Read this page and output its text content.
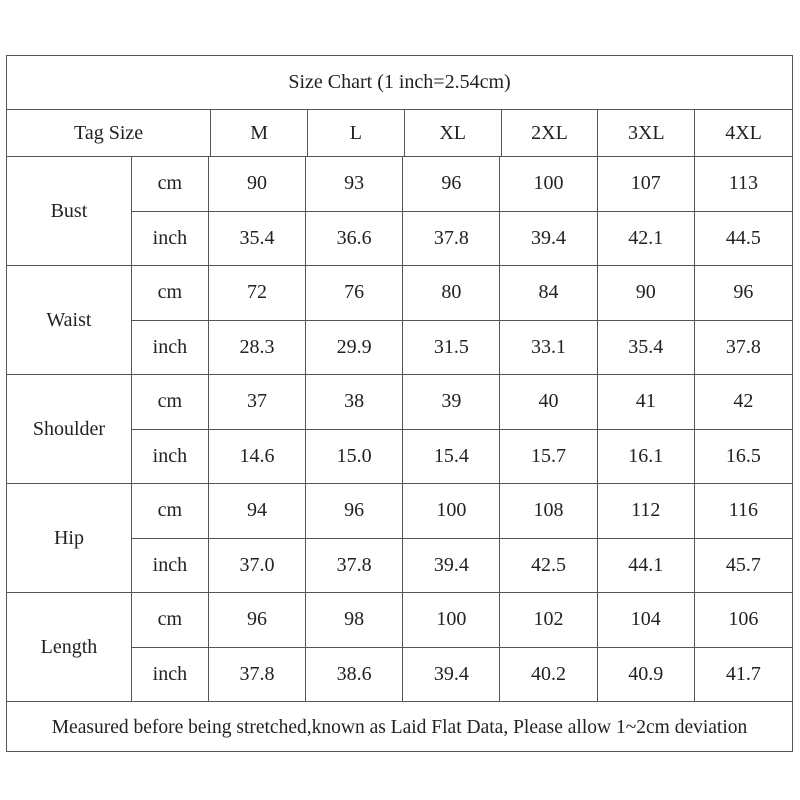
Size Chart (1 inch=2.54cm)
Tag Size	M	L	XL	2XL	3XL	4XL
Bust
cm	90	93	96	100	107	113
inch	35.4	36.6	37.8	39.4	42.1	44.5
Waist
cm	72	76	80	84	90	96
inch	28.3	29.9	31.5	33.1	35.4	37.8
Shoulder
cm	37	38	39	40	41	42
inch	14.6	15.0	15.4	15.7	16.1	16.5
Hip
cm	94	96	100	108	112	116
inch	37.0	37.8	39.4	42.5	44.1	45.7
Length
cm	96	98	100	102	104	106
inch	37.8	38.6	39.4	40.2	40.9	41.7
Measured before being stretched,known as Laid Flat Data, Please allow 1~2cm deviation
